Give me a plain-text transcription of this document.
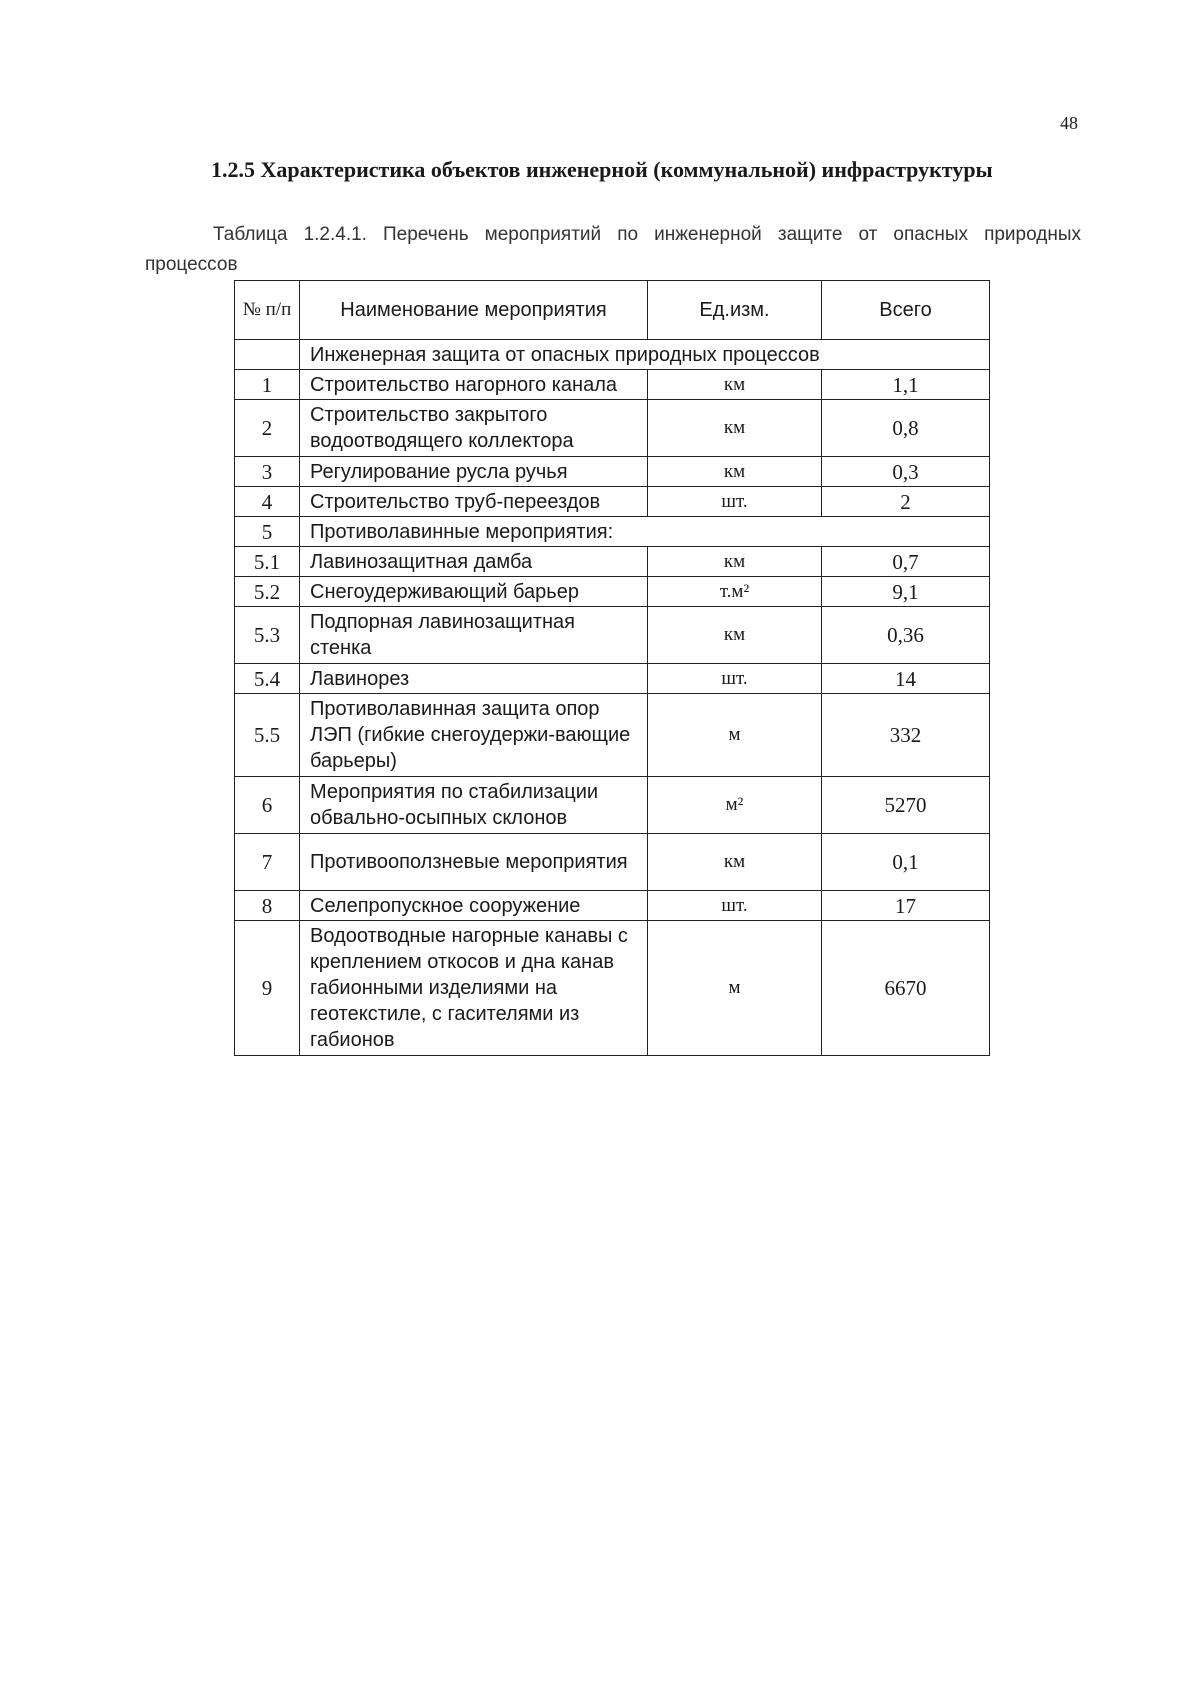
48
1.2.5 Характеристика объектов инженерной (коммунальной) инфраструктуры
Таблица 1.2.4.1. Перечень мероприятий по инженерной защите от опасных природных процессов
№ п/п	Наименование мероприятия	Ед.изм.	Всего
	Инженерная защита от опасных природных процессов		
1	Строительство нагорного канала	км	1,1
2	Строительство закрытого водоотводящего коллектора	км	0,8
3	Регулирование русла ручья	км	0,3
4	Строительство труб-переездов	шт.	2
5	Противолавинные мероприятия:		
5.1	Лавинозащитная дамба	км	0,7
5.2	Снегоудерживающий барьер	т.м²	9,1
5.3	Подпорная лавинозащитная стенка	км	0,36
5.4	Лавинорез	шт.	14
5.5	Противолавинная защита опор ЛЭП (гибкие снегоудержи-вающие барьеры)	м	332
6	Мероприятия по стабилизации обвально-осыпных склонов	м²	5270
7	Противооползневые мероприятия	км	0,1
8	Селепропускное сооружение	шт.	17
9	Водоотводные нагорные канавы с креплением откосов и дна канав габионными изделиями на геотекстиле, с гасителями из габионов	м	6670
